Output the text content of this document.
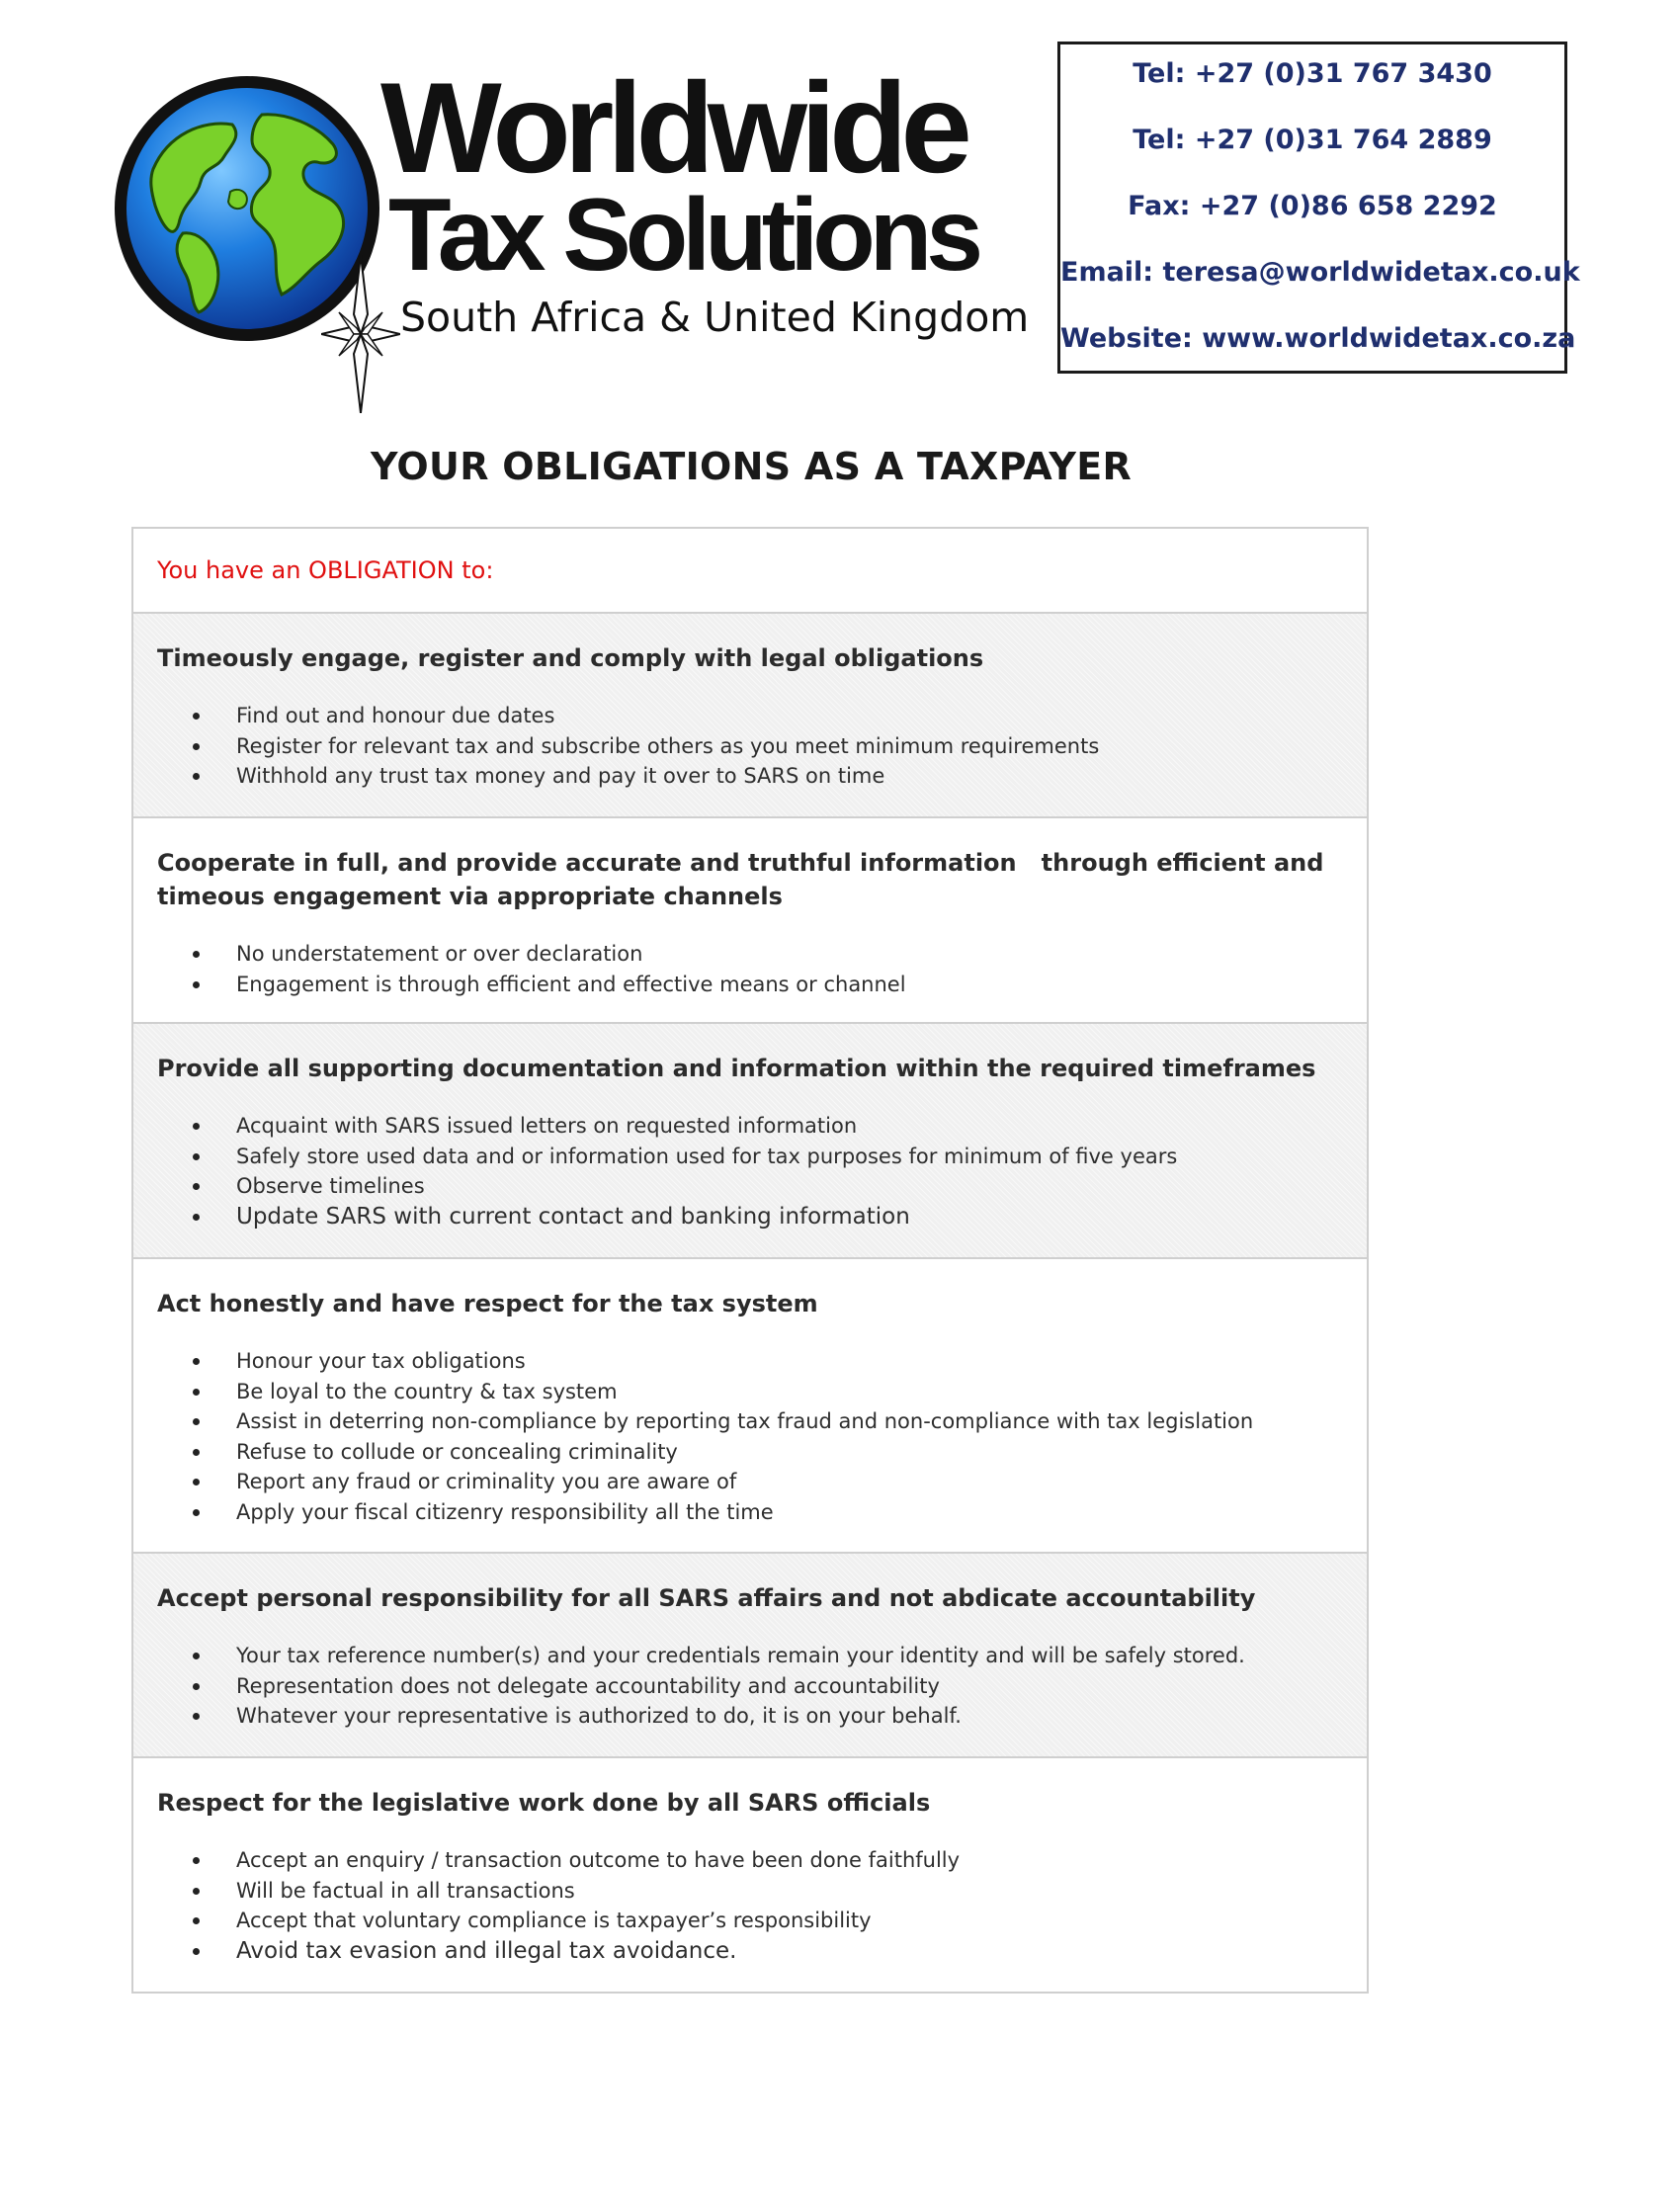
Worldwide
Tax Solutions
South Africa & United Kingdom
Tel: +27 (0)31 767 3430
Tel: +27 (0)31 764 2889
Fax: +27 (0)86 658 2292
Email: teresa@worldwidetax.co.uk
Website: www.worldwidetax.co.za
YOUR OBLIGATIONS AS A TAXPAYER
You have an OBLIGATION to:
Timeously engage, register and comply with legal obligations
Find out and honour due dates
Register for relevant tax and subscribe others as you meet minimum requirements
Withhold any trust tax money and pay it over to SARS on time
Cooperate in full, and provide accurate and truthful information   through efficient and timeous engagement via appropriate channels
No understatement or over declaration
Engagement is through efficient and effective means or channel
Provide all supporting documentation and information within the required timeframes
Acquaint with SARS issued letters on requested information
Safely store used data and or information used for tax purposes for minimum of five years
Observe timelines
Update SARS with current contact and banking information
Act honestly and have respect for the tax system
Honour your tax obligations
Be loyal to the country & tax system
Assist in deterring non-compliance by reporting tax fraud and non-compliance with tax legislation
Refuse to collude or concealing criminality
Report any fraud or criminality you are aware of
Apply your fiscal citizenry responsibility all the time
Accept personal responsibility for all SARS affairs and not abdicate accountability
Your tax reference number(s) and your credentials remain your identity and will be safely stored.
Representation does not delegate accountability and accountability
Whatever your representative is authorized to do, it is on your behalf.
Respect for the legislative work done by all SARS officials
Accept an enquiry / transaction outcome to have been done faithfully
Will be factual in all transactions
Accept that voluntary compliance is taxpayer’s responsibility
Avoid tax evasion and illegal tax avoidance.
